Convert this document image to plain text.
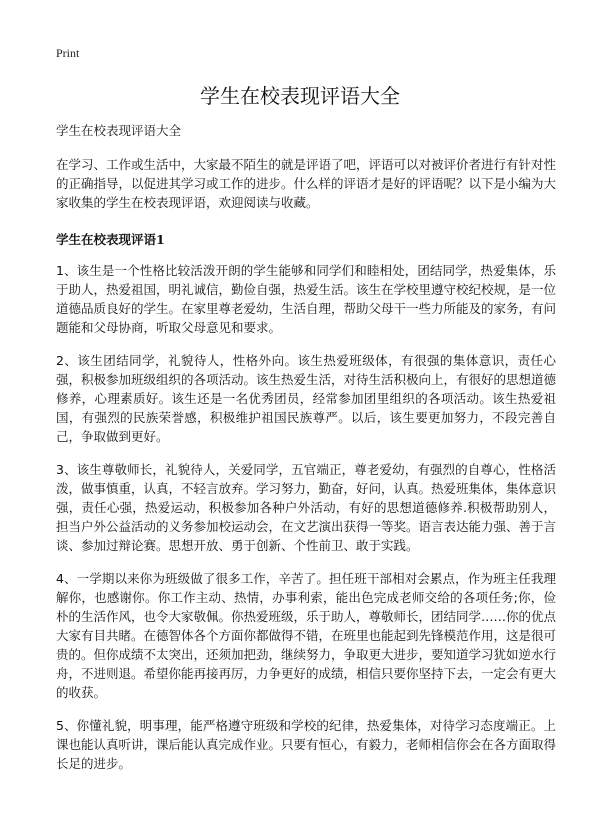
Print
学生在校表现评语大全

学生在校表现评语大全

在学习、工作或生活中，大家最不陌生的就是评语了吧，评语可以对被评价者进行有针对性的正确指导，以促进其学习或工作的进步。什么样的评语才是好的评语呢？以下是小编为大家收集的学生在校表现评语，欢迎阅读与收藏。

学生在校表现评语1

1、该生是一个性格比较活泼开朗的学生能够和同学们和睦相处，团结同学，热爱集体，乐于助人，热爱祖国，明礼诚信，勤俭自强，热爱生活。该生在学校里遵守校纪校规，是一位道德品质良好的学生。在家里尊老爱幼，生活自理，帮助父母干一些力所能及的家务，有问题能和父母协商，听取父母意见和要求。

2、该生团结同学，礼貌待人，性格外向。该生热爱班级体，有很强的集体意识，责任心强，积极参加班级组织的各项活动。该生热爱生活，对待生活积极向上，有很好的思想道德修养，心理素质好。该生还是一名优秀团员，经常参加团里组织的各项活动。该生热爱祖国，有强烈的民族荣誉感，积极维护祖国民族尊严。以后，该生要更加努力，不段完善自己，争取做到更好。

3、该生尊敬师长，礼貌待人，关爱同学，五官端正，尊老爱幼，有强烈的自尊心，性格活泼，做事慎重，认真，不轻言放弃。学习努力，勤奋，好问，认真。热爱班集体，集体意识强，责任心强，热爱运动，积极参加各种户外活动，有好的思想道德修养.积极帮助别人，担当户外公益活动的义务参加校运动会，在文艺演出获得一等奖。语言表达能力强、善于言谈、参加过辩论赛。思想开放、勇于创新、个性前卫、敢于实践。

4、一学期以来你为班级做了很多工作，辛苦了。担任班干部相对会累点，作为班主任我理解你，也感谢你。你工作主动、热情，办事利索，能出色完成老师交给的各项任务;你，俭朴的生活作风，也令大家敬佩。你热爱班级，乐于助人，尊敬师长，团结同学……你的优点大家有目共睹。在德智体各个方面你都做得不错，在班里也能起到先锋模范作用，这是很可贵的。但你成绩不太突出，还须加把劲，继续努力，争取更大进步，要知道学习犹如逆水行舟，不进则退。希望你能再接再厉，力争更好的成绩，相信只要你坚持下去，一定会有更大的收获。

5、你懂礼貌，明事理，能严格遵守班级和学校的纪律，热爱集体，对待学习态度端正。上课也能认真听讲，课后能认真完成作业。只要有恒心，有毅力，老师相信你会在各方面取得长足的进步。
